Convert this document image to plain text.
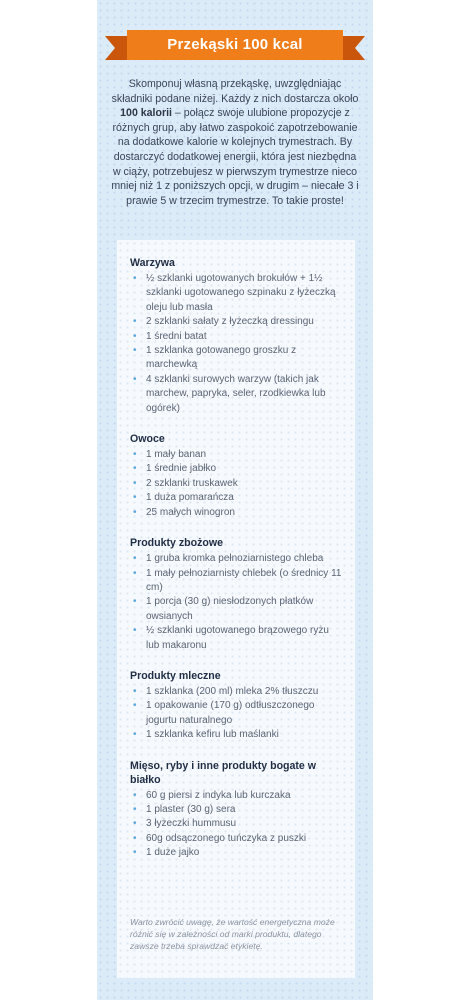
Przekąski 100 kcal
Skomponuj własną przekąskę, uwzględniając składniki podane niżej. Każdy z nich dostarcza około 100 kalorii – połącz swoje ulubione propozycje z różnych grup, aby łatwo zaspokoić zapotrzebowanie na dodatkowe kalorie w kolejnych trymestrach. By dostarczyć dodatkowej energii, która jest niezbędna w ciąży, potrzebujesz w pierwszym trymestrze nieco mniej niż 1 z poniższych opcji, w drugim – niecałe 3 i prawie 5 w trzecim trymestrze. To takie proste!
Warzywa
• ½ szklanki ugotowanych brokułów + 1½ szklanki ugotowanego szpinaku z łyżeczką oleju lub masła
• 2 szklanki sałaty z łyżeczką dressingu
• 1 średni batat
• 1 szklanka gotowanego groszku z marchewką
• 4 szklanki surowych warzyw (takich jak marchew, papryka, seler, rzodkiewka lub ogórek)
Owoce
• 1 mały banan
• 1 średnie jabłko
• 2 szklanki truskawek
• 1 duża pomarańcza
• 25 małych winogron
Produkty zbożowe
• 1 gruba kromka pełnoziarnistego chleba
• 1 mały pełnoziarnisty chlebek (o średnicy 11 cm)
• 1 porcja (30 g) niesłodzonych płatków owsianych
• ½ szklanki ugotowanego brązowego ryżu lub makaronu
Produkty mleczne
• 1 szklanka (200 ml) mleka 2% tłuszczu
• 1 opakowanie (170 g) odtłuszczonego jogurtu naturalnego
• 1 szklanka kefiru lub maślanki
Mięso, ryby i inne produkty bogate w białko
• 60 g piersi z indyka lub kurczaka
• 1 plaster (30 g) sera
• 3 łyżeczki hummusu
• 60g odsączonego tuńczyka z puszki
• 1 duże jajko
Warto zwrócić uwagę, że wartość energetyczna może różnić się w zależności od marki produktu, dlatego zawsze trzeba sprawdzać etykietę.
